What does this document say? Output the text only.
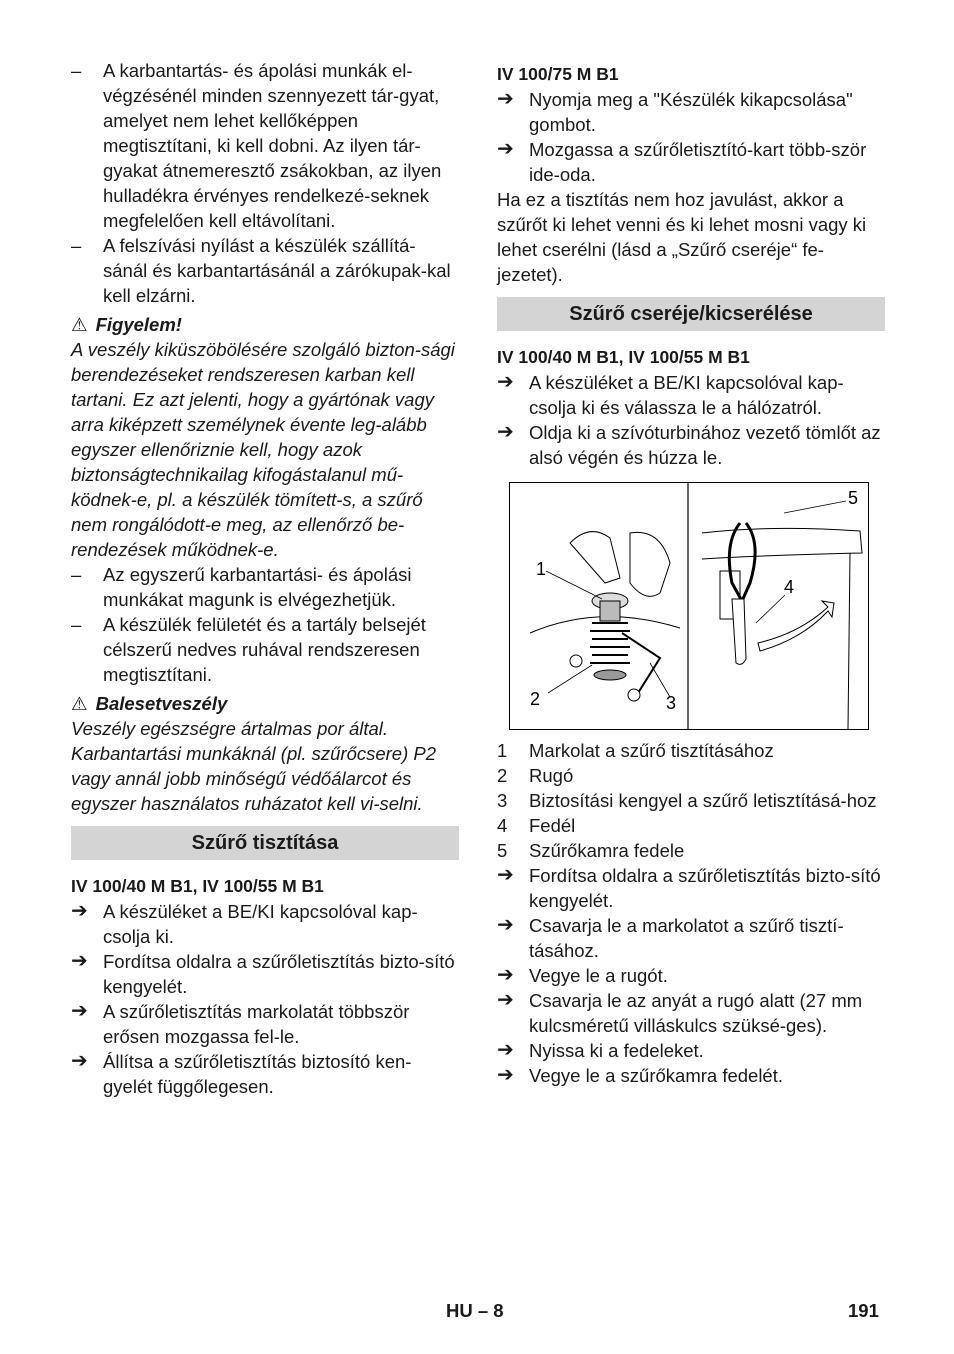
– A karbantartás- és ápolási munkák el-végzésénél minden szennyezett tár-gyat, amelyet nem lehet kellőképpen megtisztítani, ki kell dobni. Az ilyen tár-gyakat átnemeresztő zsákokban, az ilyen hulladékra érvényes rendelkezé-seknek megfelelően kell eltávolítani.
– A felszívási nyílást a készülék szállítá-sánál és karbantartásánál a zárókupak-kal kell elzárni.
⚠ Figyelem!
A veszély kiküszöbölésére szolgáló bizton-sági berendezéseket rendszeresen karban kell tartani. Ez azt jelenti, hogy a gyártónak vagy arra kiképzett személynek évente leg-alább egyszer ellenőriznie kell, hogy azok biztonságtechnikailag kifogástalanul mű-ködnek-e, pl. a készülék tömített-s, a szűrő nem rongálódott-e meg, az ellenőrző be-rendezések működnek-e.
– Az egyszerű karbantartási- és ápolási munkákat magunk is elvégezhetjük.
– A készülék felületét és a tartály belsejét célszerű nedves ruhával rendszeresen megtisztítani.
⚠ Balesetveszély
Veszély egészségre ártalmas por által. Karbantartási munkáknál (pl. szűrőcsere) P2 vagy annál jobb minőségű védőálarcot és egyszer használatos ruházatot kell vi-selni.
Szűrő tisztítása
IV 100/40 M B1, IV 100/55 M B1
➔ A készüléket a BE/KI kapcsolóval kap-csolja ki.
➔ Fordítsa oldalra a szűrőletisztítás bizto-sító kengyelét.
➔ A szűrőletisztítás markolatát többször erősen mozgassa fel-le.
➔ Állítsa a szűrőletisztítás biztosító ken-gyelét függőlegesen.
IV 100/75 M B1
➔ Nyomja meg a "Készülék kikapcsolása" gombot.
➔ Mozgassa a szűrőletisztító-kart több-ször ide-oda.
Ha ez a tisztítás nem hoz javulást, akkor a szűrőt ki lehet venni és ki lehet mosni vagy ki lehet cserélni (lásd a „Szűrő cseréje“ fe-jezetet).
Szűrő cseréje/kicserélése
IV 100/40 M B1, IV 100/55 M B1
➔ A készüléket a BE/KI kapcsolóval kap-csolja ki és válassza le a hálózatról.
➔ Oldja ki a szívóturbinához vezető tömlőt az alsó végén és húzza le.
1
2	3
4
5
1 Markolat a szűrő tisztításához
2 Rugó
3 Biztosítási kengyel a szűrő letisztításá-hoz
4 Fedél
5 Szűrőkamra fedele
➔ Fordítsa oldalra a szűrőletisztítás bizto-sító kengyelét.
➔ Csavarja le a markolatot a szűrő tisztí-tásához.
➔ Vegye le a rugót.
➔ Csavarja le az anyát a rugó alatt (27 mm kulcsméretű villáskulcs szüksé-ges).
➔ Nyissa ki a fedeleket.
➔ Vegye le a szűrőkamra fedelét.
HU – 8	191
